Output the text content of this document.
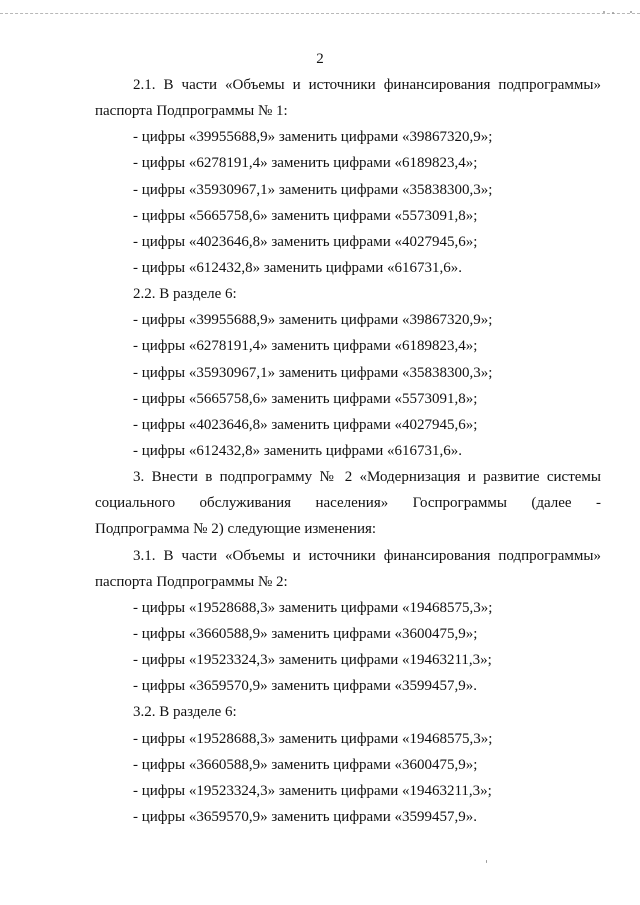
2
2.1. В части «Объемы и источники финансирования подпрограммы»
паспорта Подпрограммы № 1:
- цифры «39955688,9» заменить цифрами «39867320,9»;
- цифры «6278191,4» заменить цифрами «6189823,4»;
- цифры «35930967,1» заменить цифрами «35838300,3»;
- цифры «5665758,6» заменить цифрами «5573091,8»;
- цифры «4023646,8» заменить цифрами «4027945,6»;
- цифры «612432,8» заменить цифрами «616731,6».
2.2. В разделе 6:
- цифры «39955688,9» заменить цифрами «39867320,9»;
- цифры «6278191,4» заменить цифрами «6189823,4»;
- цифры «35930967,1» заменить цифрами «35838300,3»;
- цифры «5665758,6» заменить цифрами «5573091,8»;
- цифры «4023646,8» заменить цифрами «4027945,6»;
- цифры «612432,8» заменить цифрами «616731,6».
3. Внести в подпрограмму № 2 «Модернизация и развитие системы
социального обслуживания населения» Госпрограммы (далее -
Подпрограмма № 2) следующие изменения:
3.1. В части «Объемы и источники финансирования подпрограммы»
паспорта Подпрограммы № 2:
- цифры «19528688,3» заменить цифрами «19468575,3»;
- цифры «3660588,9» заменить цифрами «3600475,9»;
- цифры «19523324,3» заменить цифрами «19463211,3»;
- цифры «3659570,9» заменить цифрами «3599457,9».
3.2. В разделе 6:
- цифры «19528688,3» заменить цифрами «19468575,3»;
- цифры «3660588,9» заменить цифрами «3600475,9»;
- цифры «19523324,3» заменить цифрами «19463211,3»;
- цифры «3659570,9» заменить цифрами «3599457,9».
